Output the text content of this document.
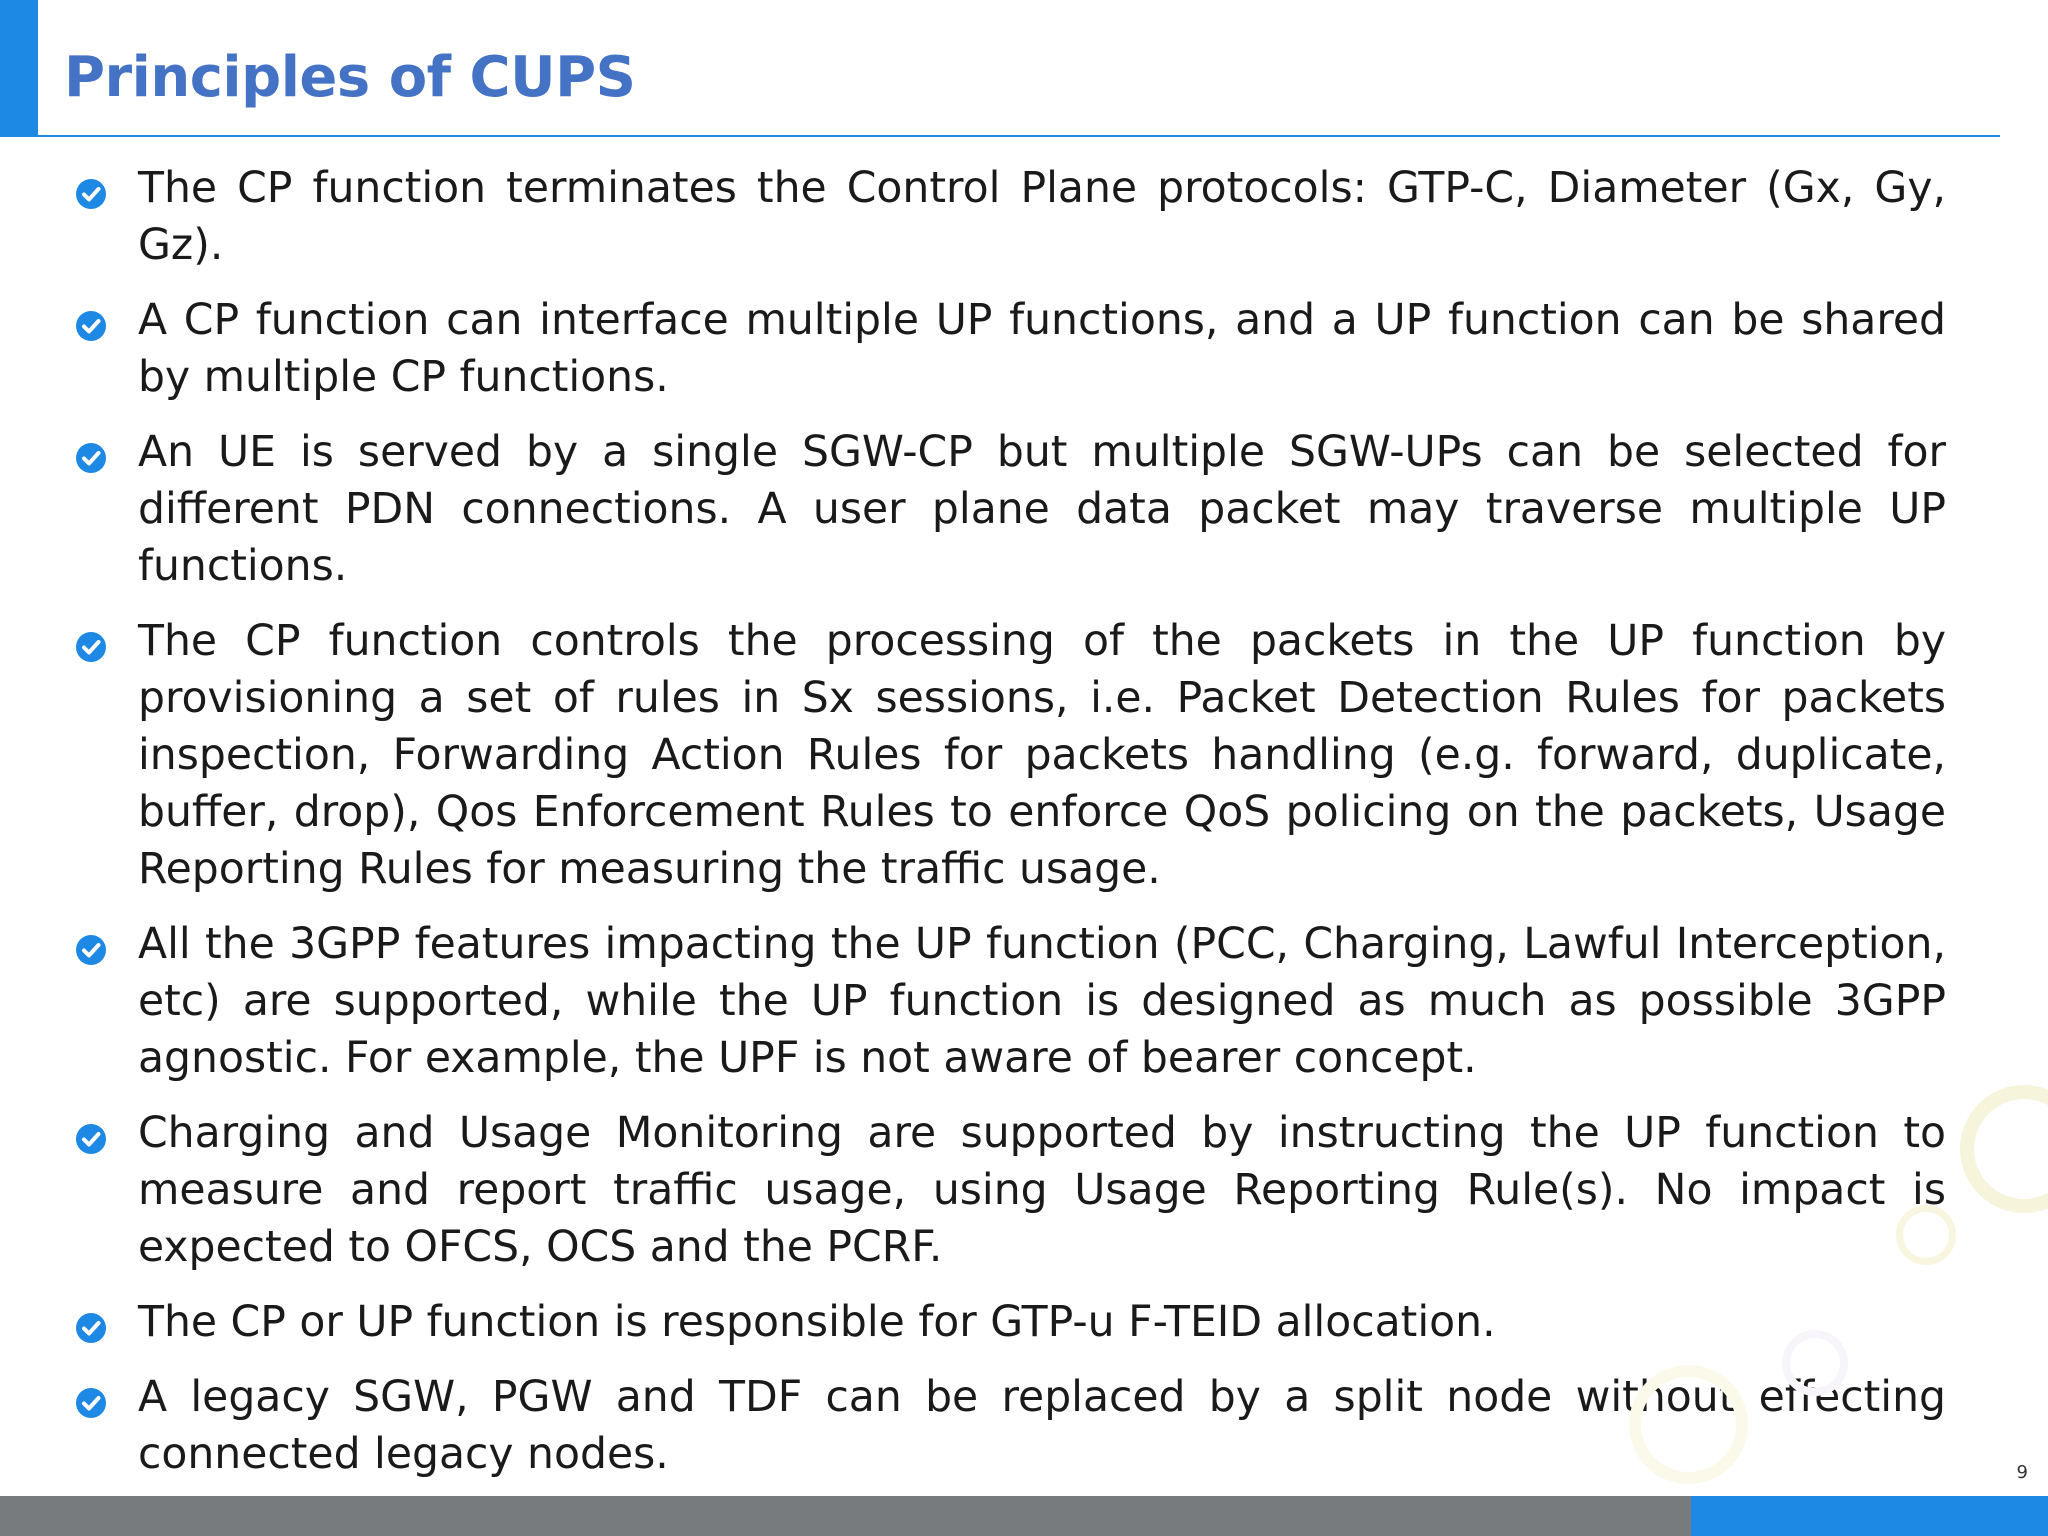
Principles of CUPS
The CP function terminates the Control Plane protocols: GTP-C, Diameter (Gx, Gy, Gz).
A CP function can interface multiple UP functions, and a UP function can be shared by multiple CP functions.
An UE is served by a single SGW-CP but multiple SGW-UPs can be selected for different PDN connections. A user plane data packet may traverse multiple UP functions.
The CP function controls the processing of the packets in the UP function by provisioning a set of rules in Sx sessions, i.e. Packet Detection Rules for packets inspection, Forwarding Action Rules for packets handling (e.g. forward, duplicate, buffer, drop), Qos Enforcement Rules to enforce QoS policing on the packets, Usage Reporting Rules for measuring the traffic usage.
All the 3GPP features impacting the UP function (PCC, Charging, Lawful Interception, etc) are supported, while the UP function is designed as much as possible 3GPP agnostic. For example, the UPF is not aware of bearer concept.
Charging and Usage Monitoring are supported by instructing the UP function to measure and report traffic usage, using Usage Reporting Rule(s). No impact is expected to OFCS, OCS and the PCRF.
The CP or UP function is responsible for GTP-u F-TEID allocation.
A legacy SGW, PGW and TDF can be replaced by a split node without effecting connected legacy nodes.	9
